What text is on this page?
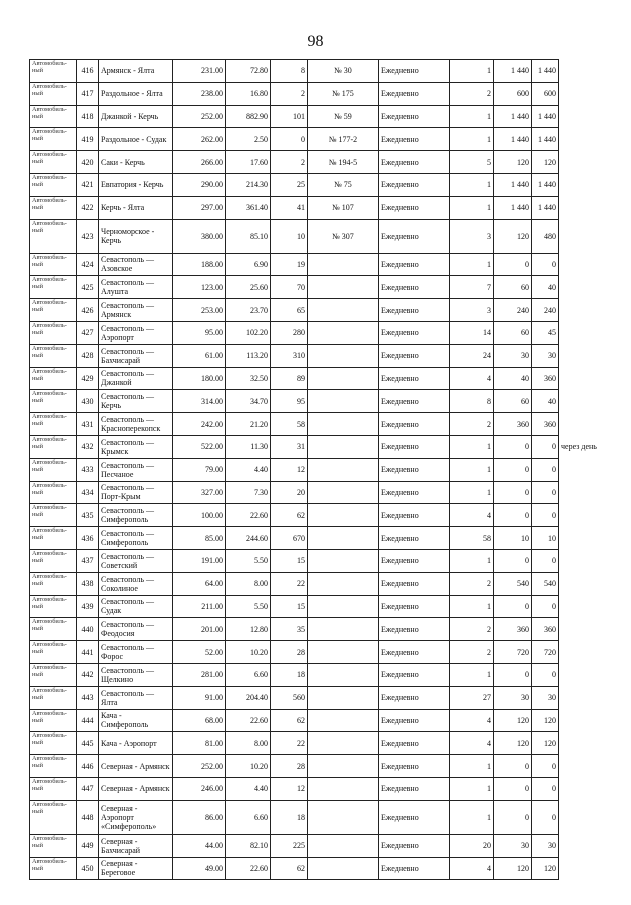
98
Автомобиль-ный	416	Армянск - Ялта	231.00	72.80	8	№ 30	Ежедневно	1	1 440	1 440	
Автомобиль-ный	417	Раздольное - Ялта	238.00	16.80	2	№ 175	Ежедневно	2	600	600	
Автомобиль-ный	418	Джанкой - Керчь	252.00	882.90	101	№ 59	Ежедневно	1	1 440	1 440	
Автомобиль-ный	419	Раздольное - Судак	262.00	2.50	0	№ 177-2	Ежедневно	1	1 440	1 440	
Автомобиль-ный	420	Саки - Керчь	266.00	17.60	2	№ 194-5	Ежедневно	5	120	120	
Автомобиль-ный	421	Евпатория - Керчь	290.00	214.30	25	№ 75	Ежедневно	1	1 440	1 440	
Автомобиль-ный	422	Керчь - Ялта	297.00	361.40	41	№ 107	Ежедневно	1	1 440	1 440	
Автомобиль-ный	423	Черноморское - Керчь	380.00	85.10	10	№ 307	Ежедневно	3	120	480	
Автомобиль-ный	424	Севастополь — Азовское	188.00	6.90	19		Ежедневно	1	0	0	
Автомобиль-ный	425	Севастополь — Алушта	123.00	25.60	70		Ежедневно	7	60	40	
Автомобиль-ный	426	Севастополь — Армянск	253.00	23.70	65		Ежедневно	3	240	240	
Автомобиль-ный	427	Севастополь — Аэропорт	95.00	102.20	280		Ежедневно	14	60	45	
Автомобиль-ный	428	Севастополь — Бахчисарай	61.00	113.20	310		Ежедневно	24	30	30	
Автомобиль-ный	429	Севастополь — Джанкой	180.00	32.50	89		Ежедневно	4	40	360	
Автомобиль-ный	430	Севастополь — Керчь	314.00	34.70	95		Ежедневно	8	60	40	
Автомобиль-ный	431	Севастополь — Красноперекопск	242.00	21.20	58		Ежедневно	2	360	360	
Автомобиль-ный	432	Севастополь — Крымск	522.00	11.30	31		Ежедневно	1	0	0	через день
Автомобиль-ный	433	Севастополь — Песчаное	79.00	4.40	12		Ежедневно	1	0	0	
Автомобиль-ный	434	Севастополь — Порт-Крым	327.00	7.30	20		Ежедневно	1	0	0	
Автомобиль-ный	435	Севастополь — Симферополь	100.00	22.60	62		Ежедневно	4	0	0	
Автомобиль-ный	436	Севастополь — Симферополь	85.00	244.60	670		Ежедневно	58	10	10	
Автомобиль-ный	437	Севастополь — Советский	191.00	5.50	15		Ежедневно	1	0	0	
Автомобиль-ный	438	Севастополь — Соколиное	64.00	8.00	22		Ежедневно	2	540	540	
Автомобиль-ный	439	Севастополь — Судак	211.00	5.50	15		Ежедневно	1	0	0	
Автомобиль-ный	440	Севастополь — Феодосия	201.00	12.80	35		Ежедневно	2	360	360	
Автомобиль-ный	441	Севастополь — Форос	52.00	10.20	28		Ежедневно	2	720	720	
Автомобиль-ный	442	Севастополь — Щелкино	281.00	6.60	18		Ежедневно	1	0	0	
Автомобиль-ный	443	Севастополь — Ялта	91.00	204.40	560		Ежедневно	27	30	30	
Автомобиль-ный	444	Кача - Симферополь	68.00	22.60	62		Ежедневно	4	120	120	
Автомобиль-ный	445	Кача - Аэропорт	81.00	8.00	22		Ежедневно	4	120	120	
Автомобиль-ный	446	Северная - Армянск	252.00	10.20	28		Ежедневно	1	0	0	
Автомобиль-ный	447	Северная - Армянск	246.00	4.40	12		Ежедневно	1	0	0	
Автомобиль-ный	448	Северная - Аэропорт «Симферополь»	86.00	6.60	18		Ежедневно	1	0	0	
Автомобиль-ный	449	Северная - Бахчисарай	44.00	82.10	225		Ежедневно	20	30	30	
Автомобиль-ный	450	Северная - Береговое	49.00	22.60	62		Ежедневно	4	120	120	
